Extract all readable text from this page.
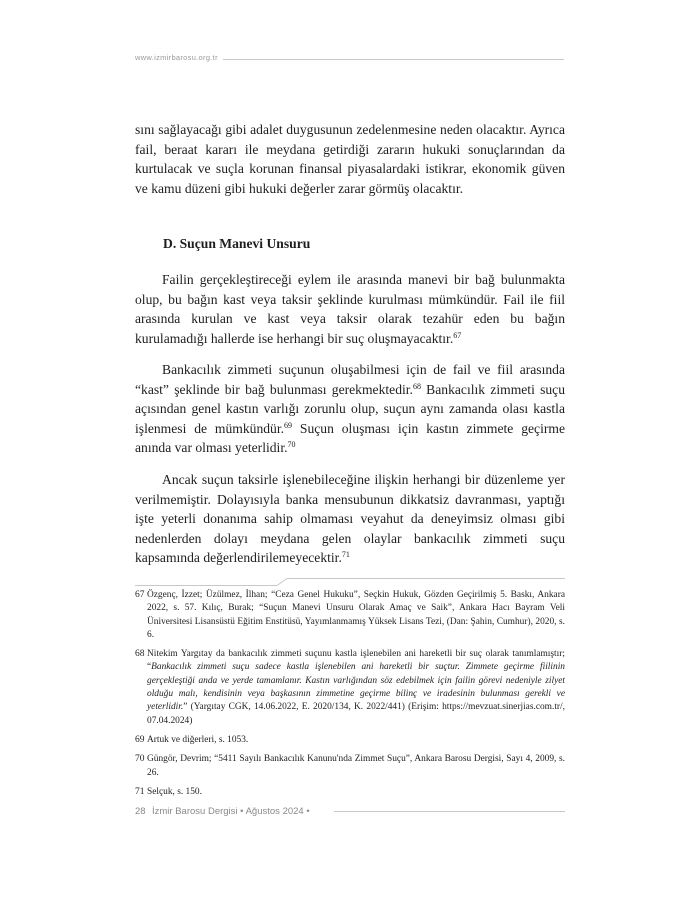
www.izmirbarosu.org.tr

sını sağlayacağı gibi adalet duygusunun zedelenmesine neden olacaktır. Ayrıca fail, beraat kararı ile meydana getirdiği zararın hukuki sonuçlarından da kurtulacak ve suçla korunan finansal piyasalardaki istikrar, ekonomik güven ve kamu düzeni gibi hukuki değerler zarar görmüş olacaktır.

D. Suçun Manevi Unsuru

Failin gerçekleştireceği eylem ile arasında manevi bir bağ bulunmakta olup, bu bağın kast veya taksir şeklinde kurulması mümkündür. Fail ile fiil arasında kurulan ve kast veya taksir olarak tezahür eden bu bağın kurulamadığı hallerde ise herhangi bir suç oluşmayacaktır.$^{67}$

Bankacılık zimmeti suçunun oluşabilmesi için de fail ve fiil arasında “kast” şeklinde bir bağ bulunması gerekmektedir.$^{68}$ Bankacılık zimmeti suçu açısından genel kastın varlığı zorunlu olup, suçun aynı zamanda olası kastla işlenmesi de mümkündür.$^{69}$ Suçun oluşması için kastın zimmete geçirme anında var olması yeterlidir.$^{70}$

Ancak suçun taksirle işlenebileceğine ilişkin herhangi bir düzenleme yer verilmemiştir. Dolayısıyla banka mensubunun dikkatsiz davranması, yaptığı işte yeterli donanıma sahip olmaması veyahut da deneyimsiz olması gibi nedenlerden dolayı meydana gelen olaylar bankacılık zimmeti suçu kapsamında değerlendirilemeyecektir.$^{71}$

67 Özgenç, İzzet; Üzülmez, İlhan; “Ceza Genel Hukuku”, Seçkin Hukuk, Gözden Geçirilmiş 5. Baskı, Ankara 2022, s. 57. Kılıç, Burak; “Suçun Manevi Unsuru Olarak Amaç ve Saik”, Ankara Hacı Bayram Veli Üniversitesi Lisansüstü Eğitim Enstitüsü, Yayımlanmamış Yüksek Lisans Tezi, (Dan: Şahin, Cumhur), 2020, s. 6.
68 Nitekim Yargıtay da bankacılık zimmeti suçunu kastla işlenebilen ani hareketli bir suç olarak tanımlamıştır; “Bankacılık zimmeti suçu sadece kastla işlenebilen ani hareketli bir suçtur. Zimmete geçirme fiilinin gerçekleştiği anda ve yerde tamamlanır. Kastın varlığından söz edebilmek için failin görevi nedeniyle zilyet olduğu malı, kendisinin veya başkasının zimmetine geçirme bilinç ve iradesinin bulunması gerekli ve yeterlidir.” (Yargıtay CGK, 14.06.2022, E. 2020/134, K. 2022/441) (Erişim: https://mevzuat.sinerjias.com.tr/, 07.04.2024)
69 Artuk ve diğerleri, s. 1053.
70 Güngör, Devrim; “5411 Sayılı Bankacılık Kanunu'nda Zimmet Suçu”, Ankara Barosu Dergisi, Sayı 4, 2009, s. 26.
71 Selçuk, s. 150.
28 İzmir Barosu Dergisi • Ağustos 2024 •
